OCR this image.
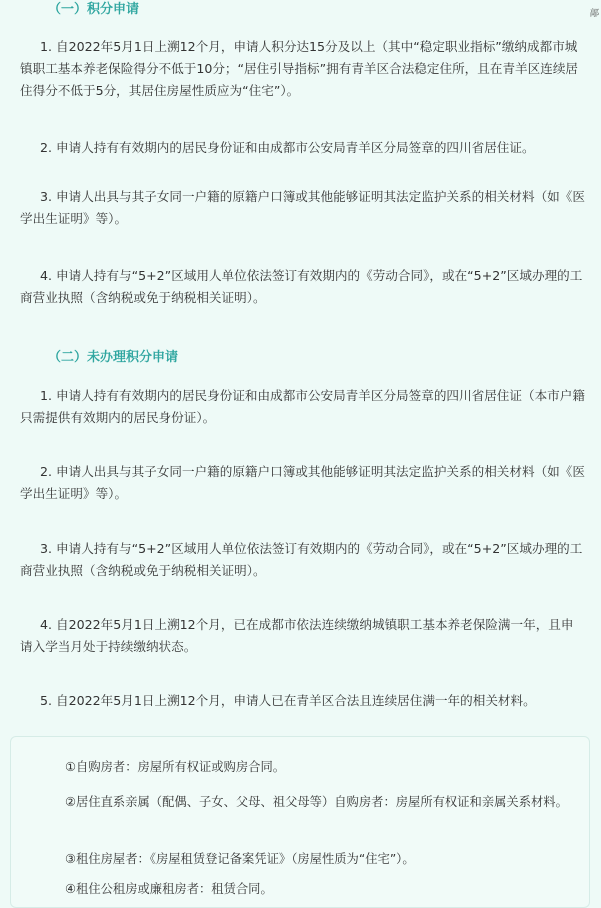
（一）积分申请
1. 自2022年5月1日上溯12个月，申请人积分达15分及以上（其中“稳定职业指标”缴纳成都市城镇职工基本养老保险得分不低于10分；“居住引导指标”拥有青羊区合法稳定住所，且在青羊区连续居住得分不低于5分，其居住房屋性质应为“住宅”）。
2. 申请人持有有效期内的居民身份证和由成都市公安局青羊区分局签章的四川省居住证。
3. 申请人出具与其子女同一户籍的原籍户口簿或其他能够证明其法定监护关系的相关材料（如《医学出生证明》等）。
4. 申请人持有与“5+2”区域用人单位依法签订有效期内的《劳动合同》，或在“5+2”区域办理的工商营业执照（含纳税或免于纳税相关证明）。
（二）未办理积分申请
1. 申请人持有有效期内的居民身份证和由成都市公安局青羊区分局签章的四川省居住证（本市户籍只需提供有效期内的居民身份证）。
2. 申请人出具与其子女同一户籍的原籍户口簿或其他能够证明其法定监护关系的相关材料（如《医学出生证明》等）。
3. 申请人持有与“5+2”区域用人单位依法签订有效期内的《劳动合同》，或在“5+2”区域办理的工商营业执照（含纳税或免于纳税相关证明）。
4. 自2022年5月1日上溯12个月，已在成都市依法连续缴纳城镇职工基本养老保险满一年，且申请入学当月处于持续缴纳状态。
5. 自2022年5月1日上溯12个月，申请人已在青羊区合法且连续居住满一年的相关材料。
鄗
①自购房者：房屋所有权证或购房合同。
②居住直系亲属（配偶、子女、父母、祖父母等）自购房者：房屋所有权证和亲属关系材料。
③租住房屋者：《房屋租赁登记备案凭证》（房屋性质为“住宅”）。
④租住公租房或廉租房者：租赁合同。
